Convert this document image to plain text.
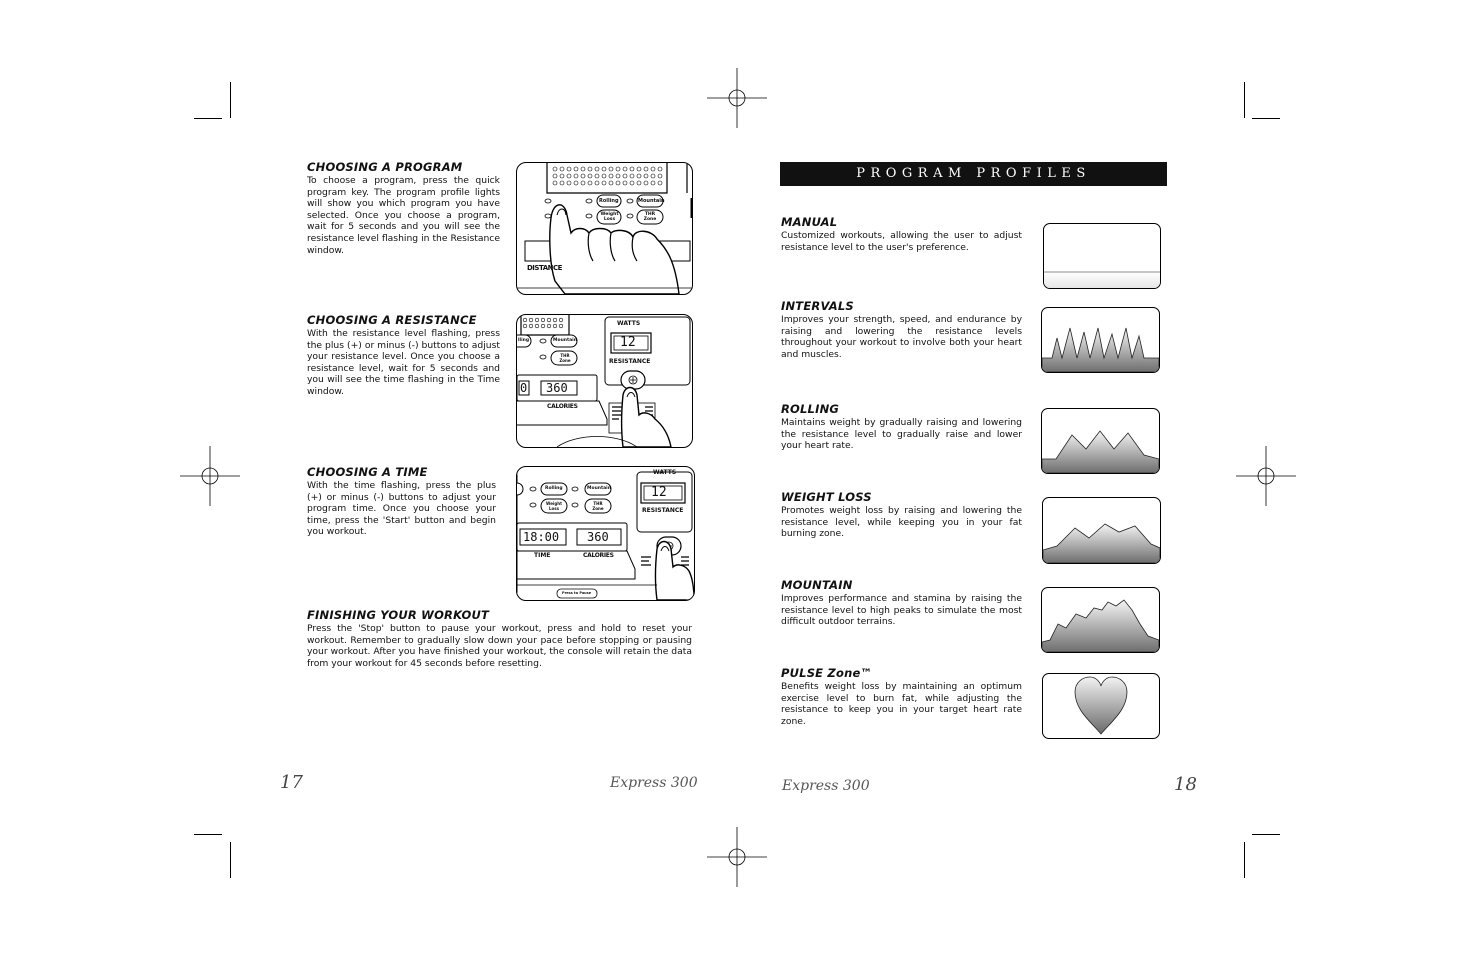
CHOOSING A PROGRAM
To choose a program, press the quick program key. The program profile lights will show you which program you have selected. Once you choose a program, wait for 5 seconds and you will see the resistance level flashing in the Resistance window.
Rolling	Mountain
Weight Loss
THR Zone
DISTANCE
CHOOSING A RESISTANCE
With the resistance level flashing, press the plus (+) or minus (-) buttons to adjust your resistance level. Once you choose a resistance level, wait for 5 seconds and you will see the time flashing in the Time window.
WATTS
12
RESISTANCE
0 360
CALORIES
lling	Mountain
THR Zone
CHOOSING A TIME
With the time flashing, press the plus (+) or minus (-) buttons to adjust your program time. Once you choose your time, press the 'Start' button and begin you workout.
WATTS
12
RESISTANCE
18:00 360
TIME	CALORIES
Rolling	Mountain
Weight Loss
THR Zone
Press to Pause
FINISHING YOUR WORKOUT
Press the 'Stop' button to pause your workout, press and hold to reset your workout. Remember to gradually slow down your pace before stopping or pausing your workout. After you have finished your workout, the console will retain the data from your workout for 45 seconds before resetting.
17	Express 300
PROGRAM PROFILES
MANUAL
Customized workouts, allowing the user to adjust resistance level to the user's preference.
INTERVALS
Improves your strength, speed, and endurance by raising and lowering the resistance levels throughout your workout to involve both your heart and muscles.
ROLLING
Maintains weight by gradually raising and lowering the resistance level to gradually raise and lower your heart rate.
WEIGHT LOSS
Promotes weight loss by raising and lowering the resistance level, while keeping you in your fat burning zone.
MOUNTAIN
Improves performance and stamina by raising the resistance level to high peaks to simulate the most difficult outdoor terrains.
PULSE Zone™
Benefits weight loss by maintaining an optimum exercise level to burn fat, while adjusting the resistance to keep you in your target heart rate zone.
Express 300	18
